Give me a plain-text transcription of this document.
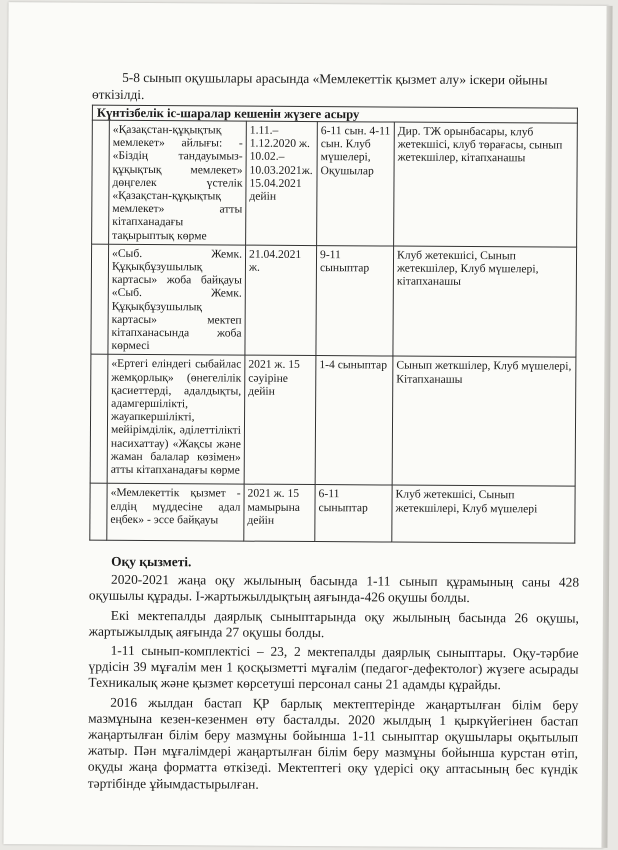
5-8 сынып оқушылары арасында «Мемлекеттік қызмет алу» іскери ойыны өткізілді.

Күнтізбелік іс-шаралар кешенін жүзеге асыру
	«Қазақстан-құқықтық мемлекет» айлығы: - «Біздің тандауымыз-құқықтық мемлекет» дөңгелек үстелік «Қазақстан-құқықтық мемлекет» атты кітапханадағы тақырыптық көрме	1.11.– 1.12.2020 ж. 10.02.– 10.03.2021ж. 15.04.2021 дейін	6-11 сын. 4-11 сын. Клуб мүшелері, Оқушылар	Дир. ТЖ орынбасары, клуб жетекшісі, клуб төрағасы, сынып жетекшілер, кітапханашы
	«Сыб. Жемк. Құқықбұзушылық картасы» жоба байқауы «Сыб. Жемк. Құқықбұзушылық картасы» мектеп кітапханасында жоба көрмесі	21.04.2021 ж.	9-11 сыныптар	Клуб жетекшісі, Сынып жетекшілер, Клуб мүшелері, кітапханашы
	«Ертегі еліндегі сыбайлас жемқорлық» (өнегелілік қасиеттерді, адалдықты, адамгершілікті, жауапкершілікті, мейірімділік, әділеттілікті насихаттау) «Жақсы және жаман балалар көзімен» атты кітапханадағы көрме	2021 ж. 15 сәуіріне дейін	1-4 сыныптар	Сынып жеткшілер, Клуб мүшелері, Кітапханашы
	«Мемлекеттік қызмет - елдің мүддесіне адал еңбек» - эссе байқауы	2021 ж. 15 мамырына дейін	6-11 сыныптар	Клуб жетекшісі, Сынып жетекшілері, Клуб мүшелері
Оқу қызметі.

2020-2021 жаңа оқу жылының басында 1-11 сынып құрамының саны 428 оқушылы құрады. І-жартыжылдықтың аяғында-426 оқушы болды.

Екі мектепалды даярлық сыныптарында оқу жылының басында 26 оқушы, жартыжылдық аяғында 27 оқушы болды.

1-11 сынып-комплектісі – 23, 2 мектепалды даярлық сыныптары. Оқу-тәрбие үрдісін 39 мұғалім мен 1 қосқызметті мұғалім (педагог-дефектолог) жүзеге асырады Техникалық және қызмет көрсетуші персонал саны 21 адамды құрайды.

2016 жылдан бастап ҚР барлық мектептерінде жаңартылған білім беру мазмұнына кезен-кезенмен өту басталды. 2020 жылдың 1 қыркүйегінен бастап жаңартылған білім беру мазмұны бойынша 1-11 сыныптар оқушылары оқытылып жатыр. Пән мұғалімдері жаңартылған білім беру мазмұны бойынша курстан өтіп, оқуды жаңа форматта өткізеді. Мектептегі оқу үдерісі оқу аптасының бес күндік тәртібінде ұйымдастырылған.
